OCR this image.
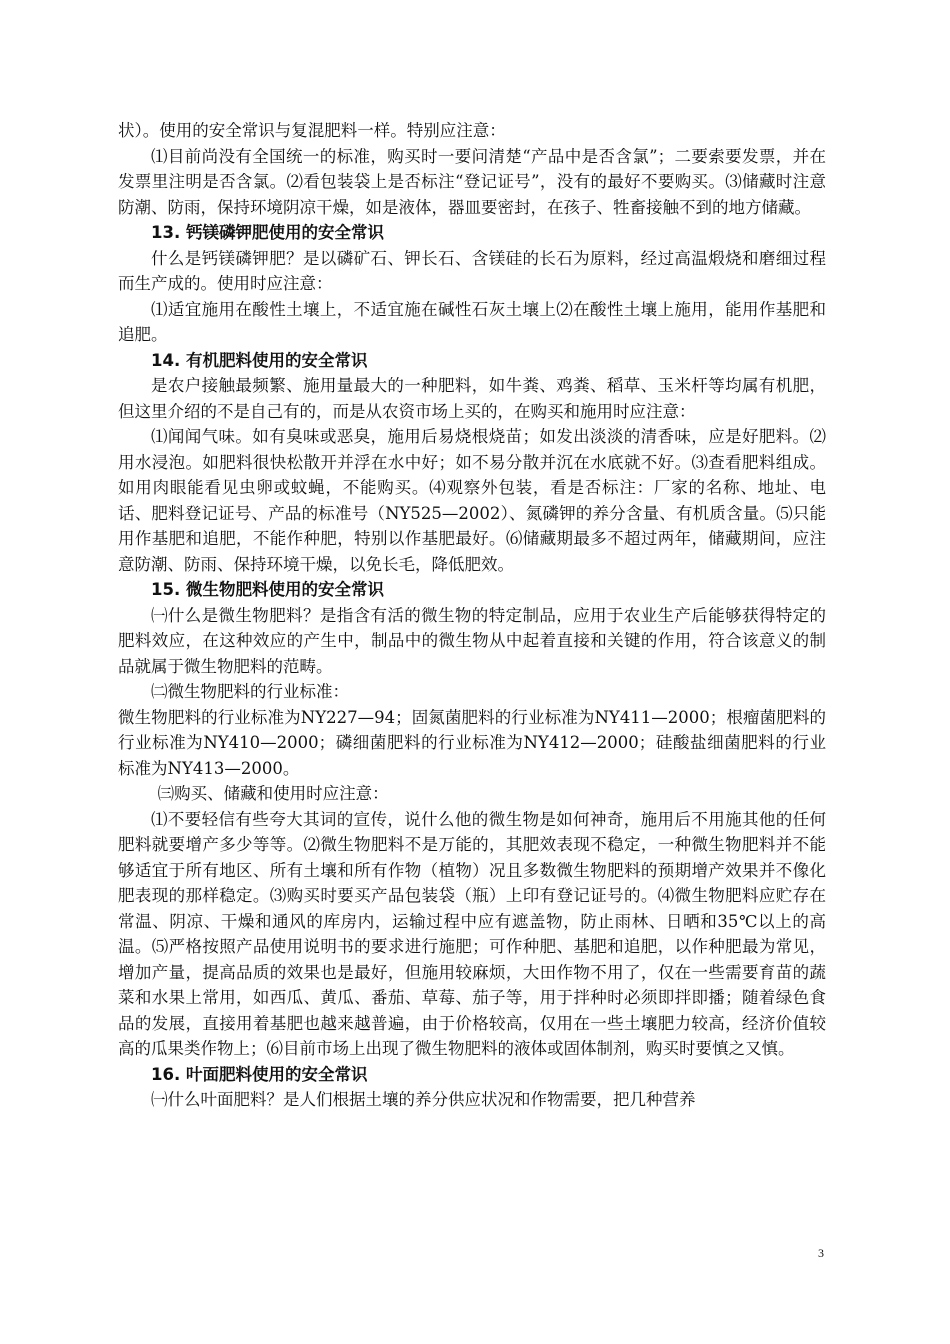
状）。使用的安全常识与复混肥料一样。特别应注意：

⑴目前尚没有全国统一的标准，购买时一要问清楚“产品中是否含氯”；二要索要发票，并在发票里注明是否含氯。⑵看包装袋上是否标注“登记证号”，没有的最好不要购买。⑶储藏时注意防潮、防雨，保持环境阴凉干燥，如是液体，器皿要密封，在孩子、牲畜接触不到的地方储藏。

13. 钙镁磷钾肥使用的安全常识

什么是钙镁磷钾肥？是以磷矿石、钾长石、含镁硅的长石为原料，经过高温煅烧和磨细过程而生产成的。使用时应注意：

⑴适宜施用在酸性土壤上，不适宜施在碱性石灰土壤上⑵在酸性土壤上施用，能用作基肥和追肥。

14. 有机肥料使用的安全常识

是农户接触最频繁、施用量最大的一种肥料，如牛粪、鸡粪、稻草、玉米杆等均属有机肥，但这里介绍的不是自己有的，而是从农资市场上买的，在购买和施用时应注意：

⑴闻闻气味。如有臭味或恶臭，施用后易烧根烧苗；如发出淡淡的清香味，应是好肥料。⑵用水浸泡。如肥料很快松散开并浮在水中好；如不易分散并沉在水底就不好。⑶查看肥料组成。如用肉眼能看见虫卵或蚊蝇，不能购买。⑷观察外包装，看是否标注：厂家的名称、地址、电话、肥料登记证号、产品的标准号（NY525—2002）、氮磷钾的养分含量、有机质含量。⑸只能用作基肥和追肥，不能作种肥，特别以作基肥最好。⑹储藏期最多不超过两年，储藏期间，应注意防潮、防雨、保持环境干燥，以免长毛，降低肥效。

15. 微生物肥料使用的安全常识

㈠什么是微生物肥料？是指含有活的微生物的特定制品，应用于农业生产后能够获得特定的肥料效应，在这种效应的产生中，制品中的微生物从中起着直接和关键的作用，符合该意义的制品就属于微生物肥料的范畴。

㈡微生物肥料的行业标准：

微生物肥料的行业标准为NY227—94；固氮菌肥料的行业标准为NY411—2000；根瘤菌肥料的行业标准为NY410—2000；磷细菌肥料的行业标准为NY412—2000；硅酸盐细菌肥料的行业标准为NY413—2000。

㈢购买、储藏和使用时应注意：

⑴不要轻信有些夸大其词的宣传，说什么他的微生物是如何神奇，施用后不用施其他的任何肥料就要增产多少等等。⑵微生物肥料不是万能的，其肥效表现不稳定，一种微生物肥料并不能够适宜于所有地区、所有土壤和所有作物（植物）况且多数微生物肥料的预期增产效果并不像化肥表现的那样稳定。⑶购买时要买产品包装袋（瓶）上印有登记证号的。⑷微生物肥料应贮存在常温、阴凉、干燥和通风的库房内，运输过程中应有遮盖物，防止雨林、日晒和35℃以上的高温。⑸严格按照产品使用说明书的要求进行施肥；可作种肥、基肥和追肥，以作种肥最为常见，增加产量，提高品质的效果也是最好，但施用较麻烦，大田作物不用了，仅在一些需要育苗的蔬菜和水果上常用，如西瓜、黄瓜、番茄、草莓、茄子等，用于拌种时必须即拌即播；随着绿色食品的发展，直接用着基肥也越来越普遍，由于价格较高，仅用在一些土壤肥力较高，经济价值较高的瓜果类作物上；⑹目前市场上出现了微生物肥料的液体或固体制剂，购买时要慎之又慎。

16. 叶面肥料使用的安全常识

㈠什么叶面肥料？是人们根据土壤的养分供应状况和作物需要，把几种营养

3
